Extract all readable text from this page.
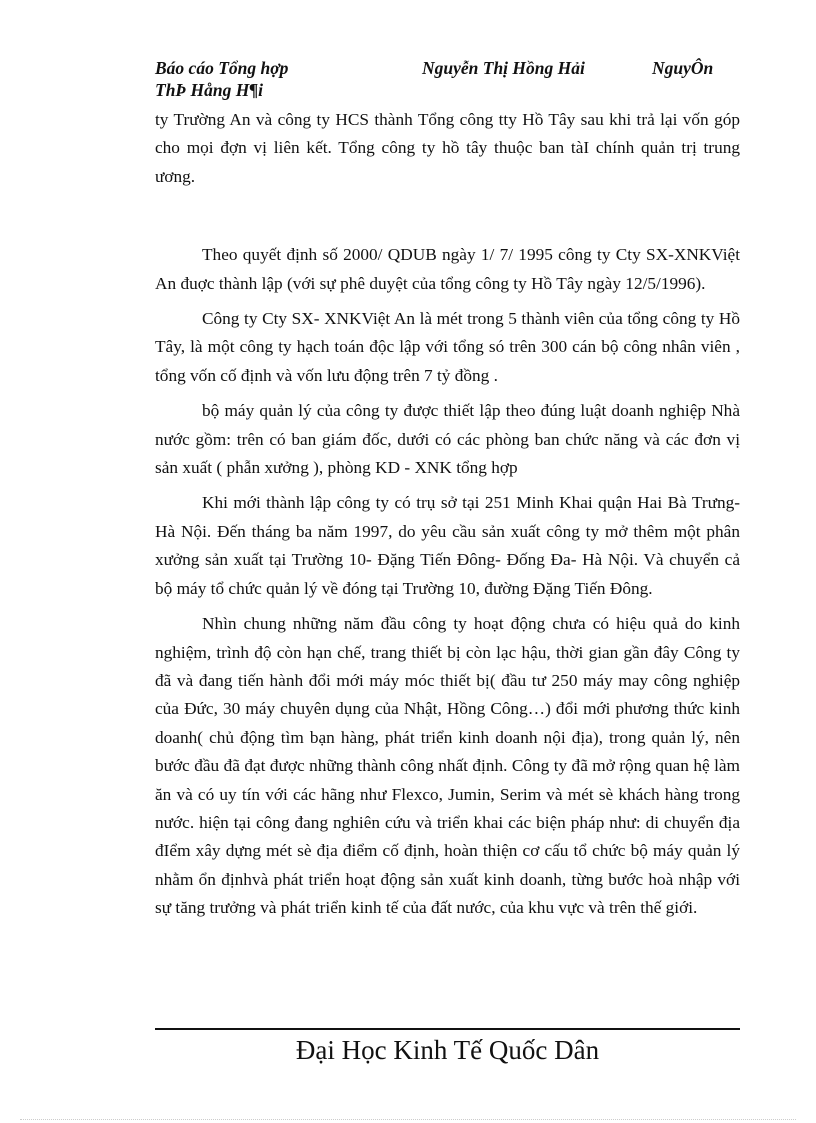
Báo cáo Tổng hợp	Nguyễn Thị Hồng Hải	NguyÔn
ThÞ Hång H¶i

ty Trường An và công ty HCS thành Tổng công tty Hồ Tây sau khi trả lại vốn góp cho mọi đợn vị liên kết. Tổng công ty hồ tây thuộc ban tàI chính quản trị trung ương.

Theo quyết định số 2000/ QDUB ngày 1/ 7/ 1995 công ty Cty SX-XNKViệt An đuợc thành lập (với sự phê duyệt của tổng công ty Hồ Tây ngày 12/5/1996).

Công ty Cty SX- XNKViệt An là mét trong 5 thành viên của tổng công ty Hồ Tây, là một công ty hạch toán độc lập với tổng só trên 300 cán bộ công nhân viên , tổng vốn cố định và vốn lưu động trên 7 tỷ đồng .

bộ máy quản lý của công ty được thiết lập theo đúng luật doanh nghiệp Nhà nước gồm: trên có ban giám đốc, dưới có các phòng ban chức năng và các đơn vị sản xuất ( phẫn xưởng ), phòng KD - XNK tổng hợp

Khi mới thành lập công ty có trụ sở tại 251 Minh Khai quận Hai Bà Trưng- Hà Nội. Đến tháng ba năm 1997, do yêu cầu sản xuất công ty mở thêm một phân xưởng sản xuất tại Trường 10- Đặng Tiến Đông- Đống Đa- Hà Nội. Và chuyển cả bộ máy tổ chức quản lý về đóng tại Trường 10, đường Đặng Tiến Đông.

Nhìn chung những năm đầu công ty hoạt động chưa có hiệu quả do kinh nghiệm, trình độ còn hạn chế, trang thiết bị còn lạc hậu, thời gian gần đây Công ty đã và đang tiến hành đổi mới máy móc thiết bị( đầu tư 250 máy may công nghiệp của Đức, 30 máy chuyên dụng của Nhật, Hồng Công…) đổi mới phương thức kinh doanh( chủ động tìm bạn hàng, phát triển kinh doanh nội địa), trong quản lý, nên bước đầu đã đạt được những thành công nhất định. Công ty đã mở rộng quan hệ làm ăn và có uy tín với các hãng như Flexco, Jumin, Serim và mét sè khách hàng trong nước. hiện tại công đang nghiên cứu và triển khai các biện pháp như: di chuyển địa đIểm xây dựng mét sè địa điểm cố định, hoàn thiện cơ cấu tổ chức bộ máy quản lý nhằm ổn địnhvà phát triển hoạt động sản xuất kinh doanh, từng bước hoà nhập với sự tăng trưởng và phát triển kinh tế của đất nước, của khu vực và trên thế giới.

Đại Học Kinh Tế Quốc Dân
